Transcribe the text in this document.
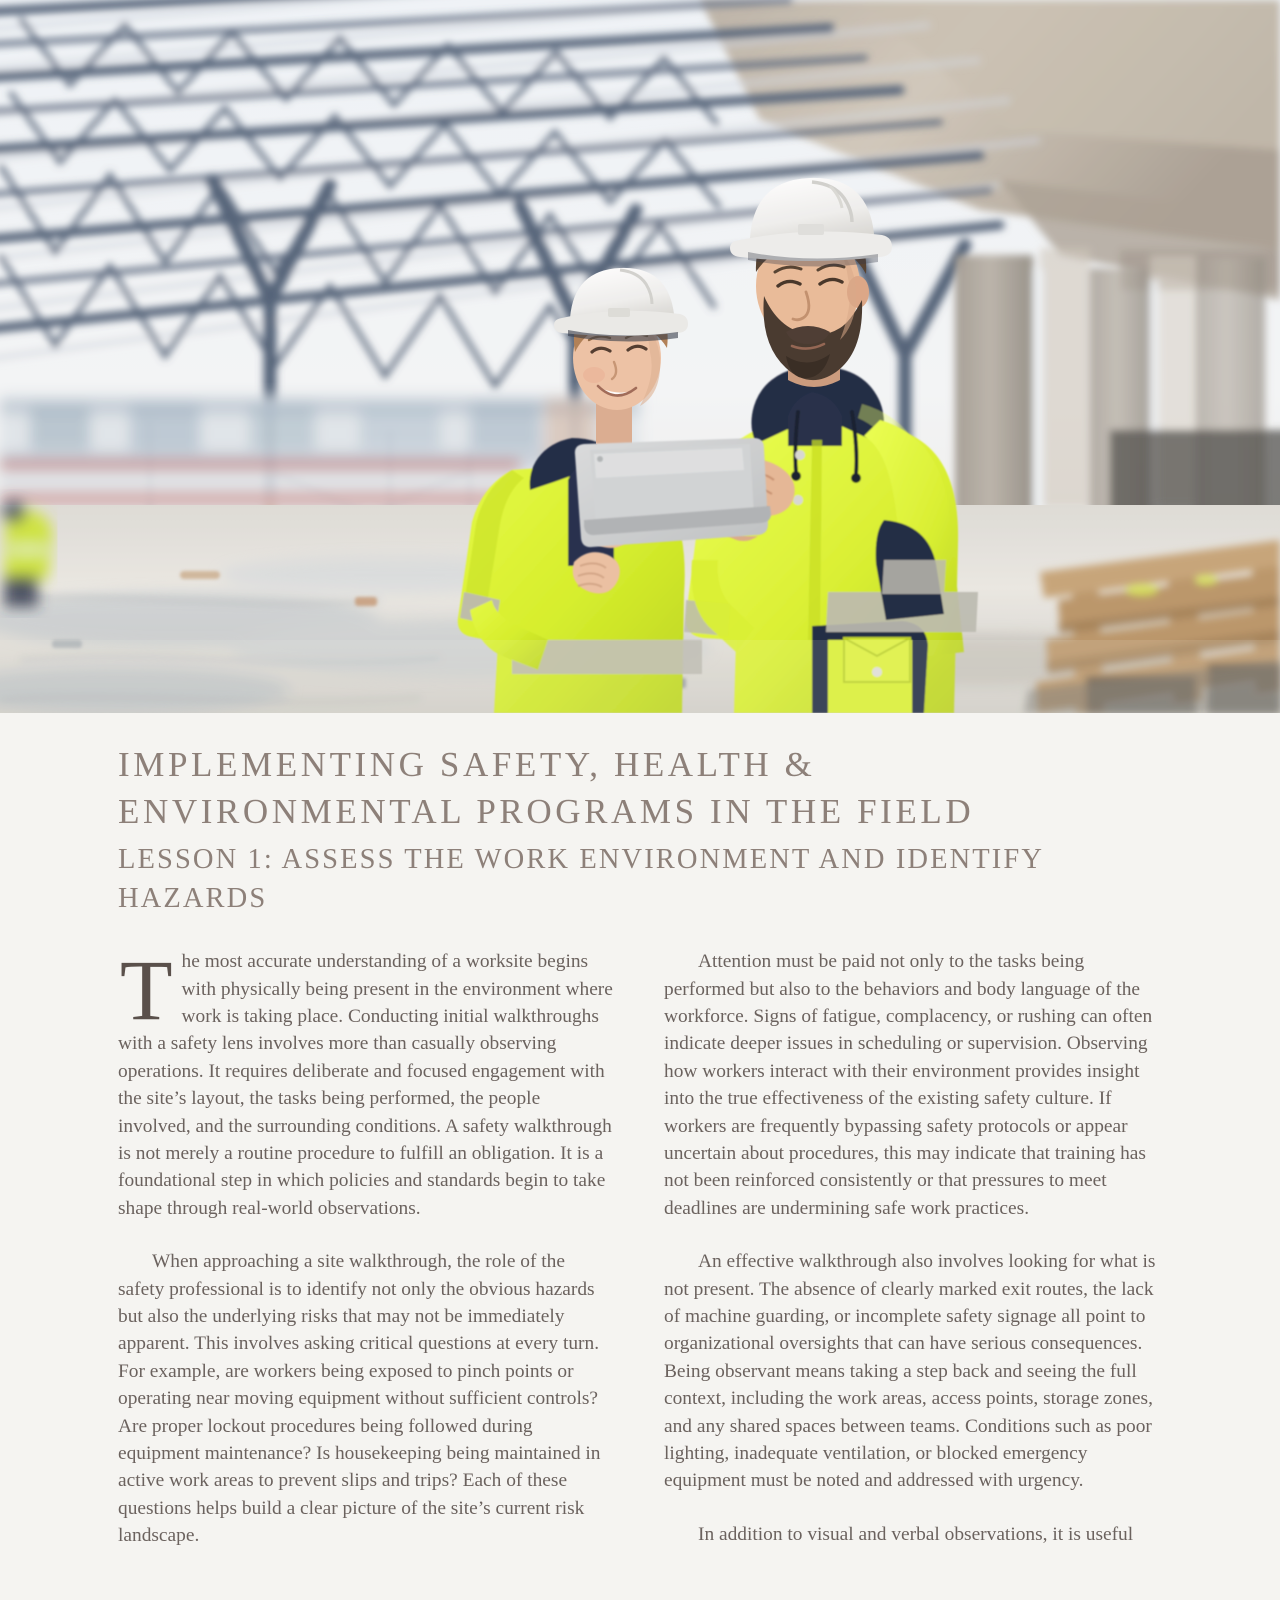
IMPLEMENTING SAFETY, HEALTH & ENVIRONMENTAL PROGRAMS IN THE FIELD
LESSON 1: ASSESS THE WORK ENVIRONMENT AND IDENTIFY HAZARDS

The most accurate understanding of a worksite begins with physically being present in the environment where work is taking place. Conducting initial walkthroughs with a safety lens involves more than casually observing operations. It requires deliberate and focused engagement with the site’s layout, the tasks being performed, the people involved, and the surrounding conditions. A safety walkthrough is not merely a routine procedure to fulfill an obligation. It is a foundational step in which policies and standards begin to take shape through real-world observations.

When approaching a site walkthrough, the role of the safety professional is to identify not only the obvious hazards but also the underlying risks that may not be immediately apparent. This involves asking critical questions at every turn. For example, are workers being exposed to pinch points or operating near moving equipment without sufficient controls? Are proper lockout procedures being followed during equipment maintenance? Is housekeeping being maintained in active work areas to prevent slips and trips? Each of these questions helps build a clear picture of the site’s current risk landscape.

Attention must be paid not only to the tasks being performed but also to the behaviors and body language of the workforce. Signs of fatigue, complacency, or rushing can often indicate deeper issues in scheduling or supervision. Observing how workers interact with their environment provides insight into the true effectiveness of the existing safety culture. If workers are frequently bypassing safety protocols or appear uncertain about procedures, this may indicate that training has not been reinforced consistently or that pressures to meet deadlines are undermining safe work practices.

An effective walkthrough also involves looking for what is not present. The absence of clearly marked exit routes, the lack of machine guarding, or incomplete safety signage all point to organizational oversights that can have serious consequences. Being observant means taking a step back and seeing the full context, including the work areas, access points, storage zones, and any shared spaces between teams. Conditions such as poor lighting, inadequate ventilation, or blocked emergency equipment must be noted and addressed with urgency.

In addition to visual and verbal observations, it is useful
